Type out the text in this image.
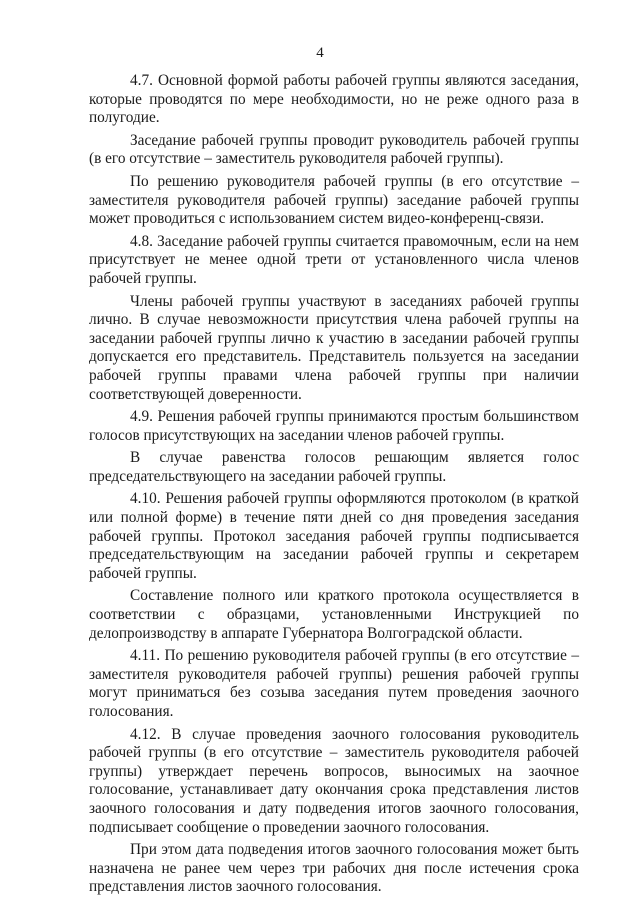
4

4.7. Основной формой работы рабочей группы являются заседания, которые проводятся по мере необходимости, но не реже одного раза в полугодие.

Заседание рабочей группы проводит руководитель рабочей группы (в его отсутствие – заместитель руководителя рабочей группы).

По решению руководителя рабочей группы (в его отсутствие – заместителя руководителя рабочей группы) заседание рабочей группы может проводиться с использованием систем видео-конференц-связи.

4.8. Заседание рабочей группы считается правомочным, если на нем присутствует не менее одной трети от установленного числа членов рабочей группы.

Члены рабочей группы участвуют в заседаниях рабочей группы лично. В случае невозможности присутствия члена рабочей группы на заседании рабочей группы лично к участию в заседании рабочей группы допускается его представитель. Представитель пользуется на заседании рабочей группы правами члена рабочей группы при наличии соответствующей доверенности.

4.9. Решения рабочей группы принимаются простым большинством голосов присутствующих на заседании членов рабочей группы.

В случае равенства голосов решающим является голос председательствующего на заседании рабочей группы.

4.10. Решения рабочей группы оформляются протоколом (в краткой или полной форме) в течение пяти дней со дня проведения заседания рабочей группы. Протокол заседания рабочей группы подписывается председательствующим на заседании рабочей группы и секретарем рабочей группы.

Составление полного или краткого протокола осуществляется в соответствии с образцами, установленными Инструкцией по делопроизводству в аппарате Губернатора Волгоградской области.

4.11. По решению руководителя рабочей группы (в его отсутствие – заместителя руководителя рабочей группы) решения рабочей группы могут приниматься без созыва заседания путем проведения заочного голосования.

4.12. В случае проведения заочного голосования руководитель рабочей группы (в его отсутствие – заместитель руководителя рабочей группы) утверждает перечень вопросов, выносимых на заочное голосование, устанавливает дату окончания срока представления листов заочного голосования и дату подведения итогов заочного голосования, подписывает сообщение о проведении заочного голосования.

При этом дата подведения итогов заочного голосования может быть назначена не ранее чем через три рабочих дня после истечения срока представления листов заочного голосования.
